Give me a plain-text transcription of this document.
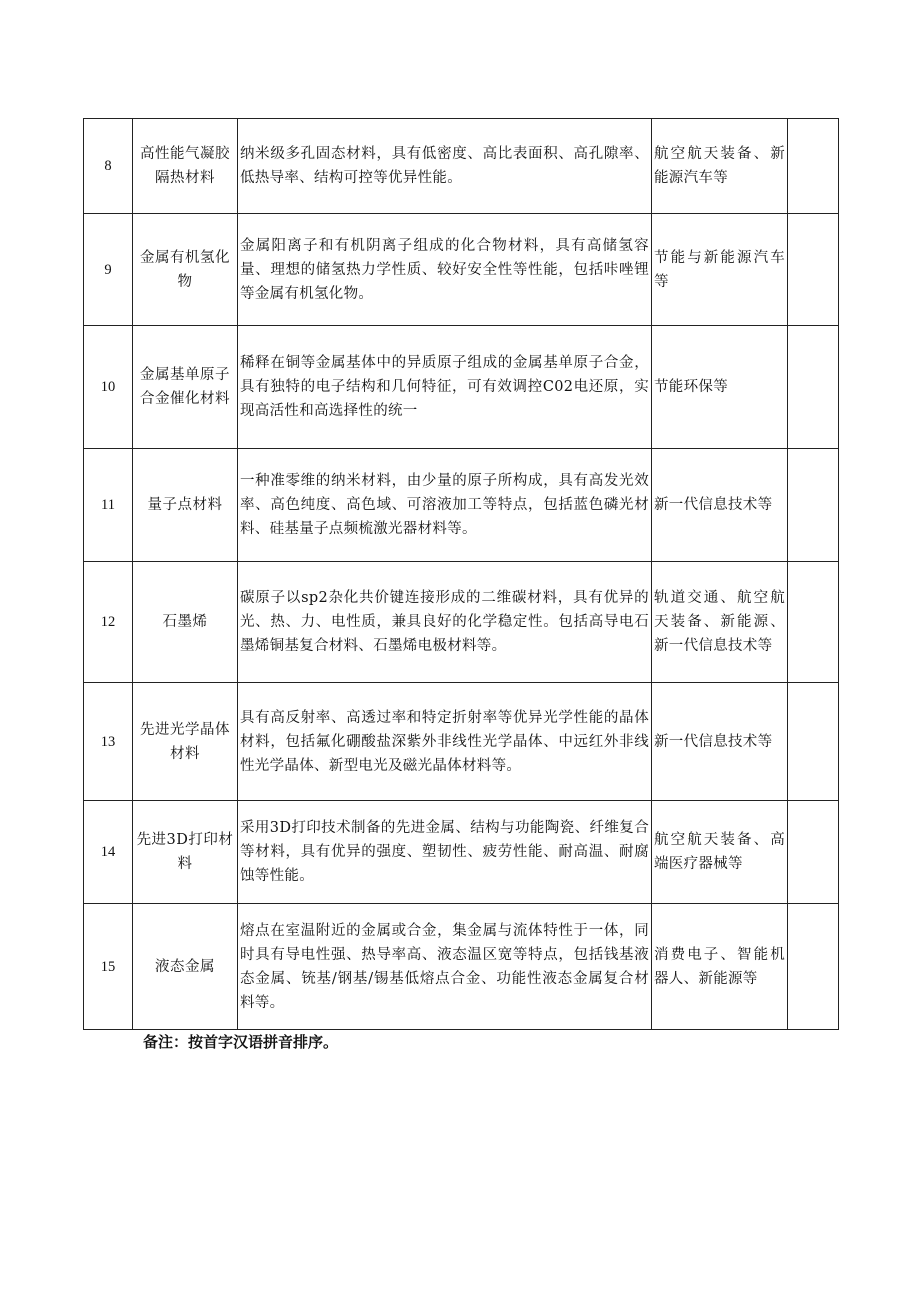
8	高性能气凝胶隔热材料	纳米级多孔固态材料，具有低密度、高比表面积、高孔隙率、低热导率、结构可控等优异性能。	航空航天装备、新能源汽车等	
9	金属有机氢化物	金属阳离子和有机阴离子组成的化合物材料，具有高储氢容量、理想的储氢热力学性质、较好安全性等性能，包括咔唑锂等金属有机氢化物。	节能与新能源汽车等	
10	金属基单原子合金催化材料	稀释在铜等金属基体中的异质原子组成的金属基单原子合金，具有独特的电子结构和几何特征，可有效调控C02电还原，实现高活性和高选择性的统一	节能环保等	
11	量子点材料	一种准零维的纳米材料，由少量的原子所构成，具有高发光效率、高色纯度、高色域、可溶液加工等特点，包括蓝色磷光材料、硅基量子点频梳激光器材料等。	新一代信息技术等	
12	石墨烯	碳原子以sp2杂化共价键连接形成的二维碳材料，具有优异的光、热、力、电性质，兼具良好的化学稳定性。包括高导电石墨烯铜基复合材料、石墨烯电极材料等。	轨道交通、航空航天装备、新能源、新一代信息技术等	
13	先进光学晶体材料	具有高反射率、高透过率和特定折射率等优异光学性能的晶体材料，包括氟化硼酸盐深紫外非线性光学晶体、中远红外非线性光学晶体、新型电光及磁光晶体材料等。	新一代信息技术等	
14	先进3D打印材料	采用3D打印技术制备的先进金属、结构与功能陶瓷、纤维复合等材料，具有优异的强度、塑韧性、疲劳性能、耐高温、耐腐蚀等性能。	航空航天装备、高端医疗器械等	
15	液态金属	熔点在室温附近的金属或合金，集金属与流体特性于一体，同时具有导电性强、热导率高、液态温区宽等特点，包括钱基液态金属、铳基/钢基/锡基低熔点合金、功能性液态金属复合材料等。	消费电子、智能机器人、新能源等	
备注：按首字汉语拼音排序。
